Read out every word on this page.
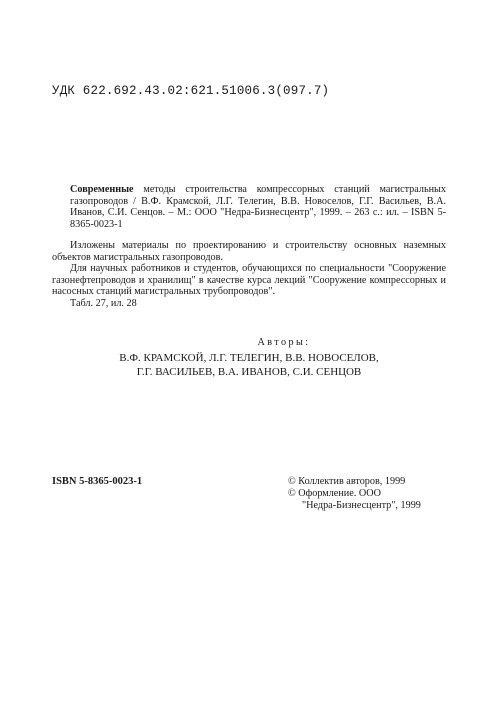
УДК 622.692.43.02:621.51006.3(097.7)
Современные методы строительства компрессорных станций магистральных газопроводов / В.Ф. Крамской, Л.Г. Телегин, В.В. Новоселов, Г.Г. Васильев, В.А. Иванов, С.И. Сенцов. – М.: ООО "Недра-Бизнесцентр", 1999. – 263 с.: ил. – ISBN 5-8365-0023-1

Изложены материалы по проектированию и строительству основных наземных объектов магистральных газопроводов.

Для научных работников и студентов, обучающихся по специальности "Сооружение газонефтепроводов и хранилищ" в качестве курса лекций "Сооружение компрессорных и насосных станций магистральных трубопроводов".

Табл. 27, ил. 28

Авторы:
В.Ф. КРАМСКОЙ, Л.Г. ТЕЛЕГИН, В.В. НОВОСЕЛОВ,
Г.Г. ВАСИЛЬЕВ, В.А. ИВАНОВ, С.И. СЕНЦОВ
ISBN 5-8365-0023-1	© Коллектив авторов, 1999
© Оформление. ООО
"Недра-Бизнесцентр", 1999
